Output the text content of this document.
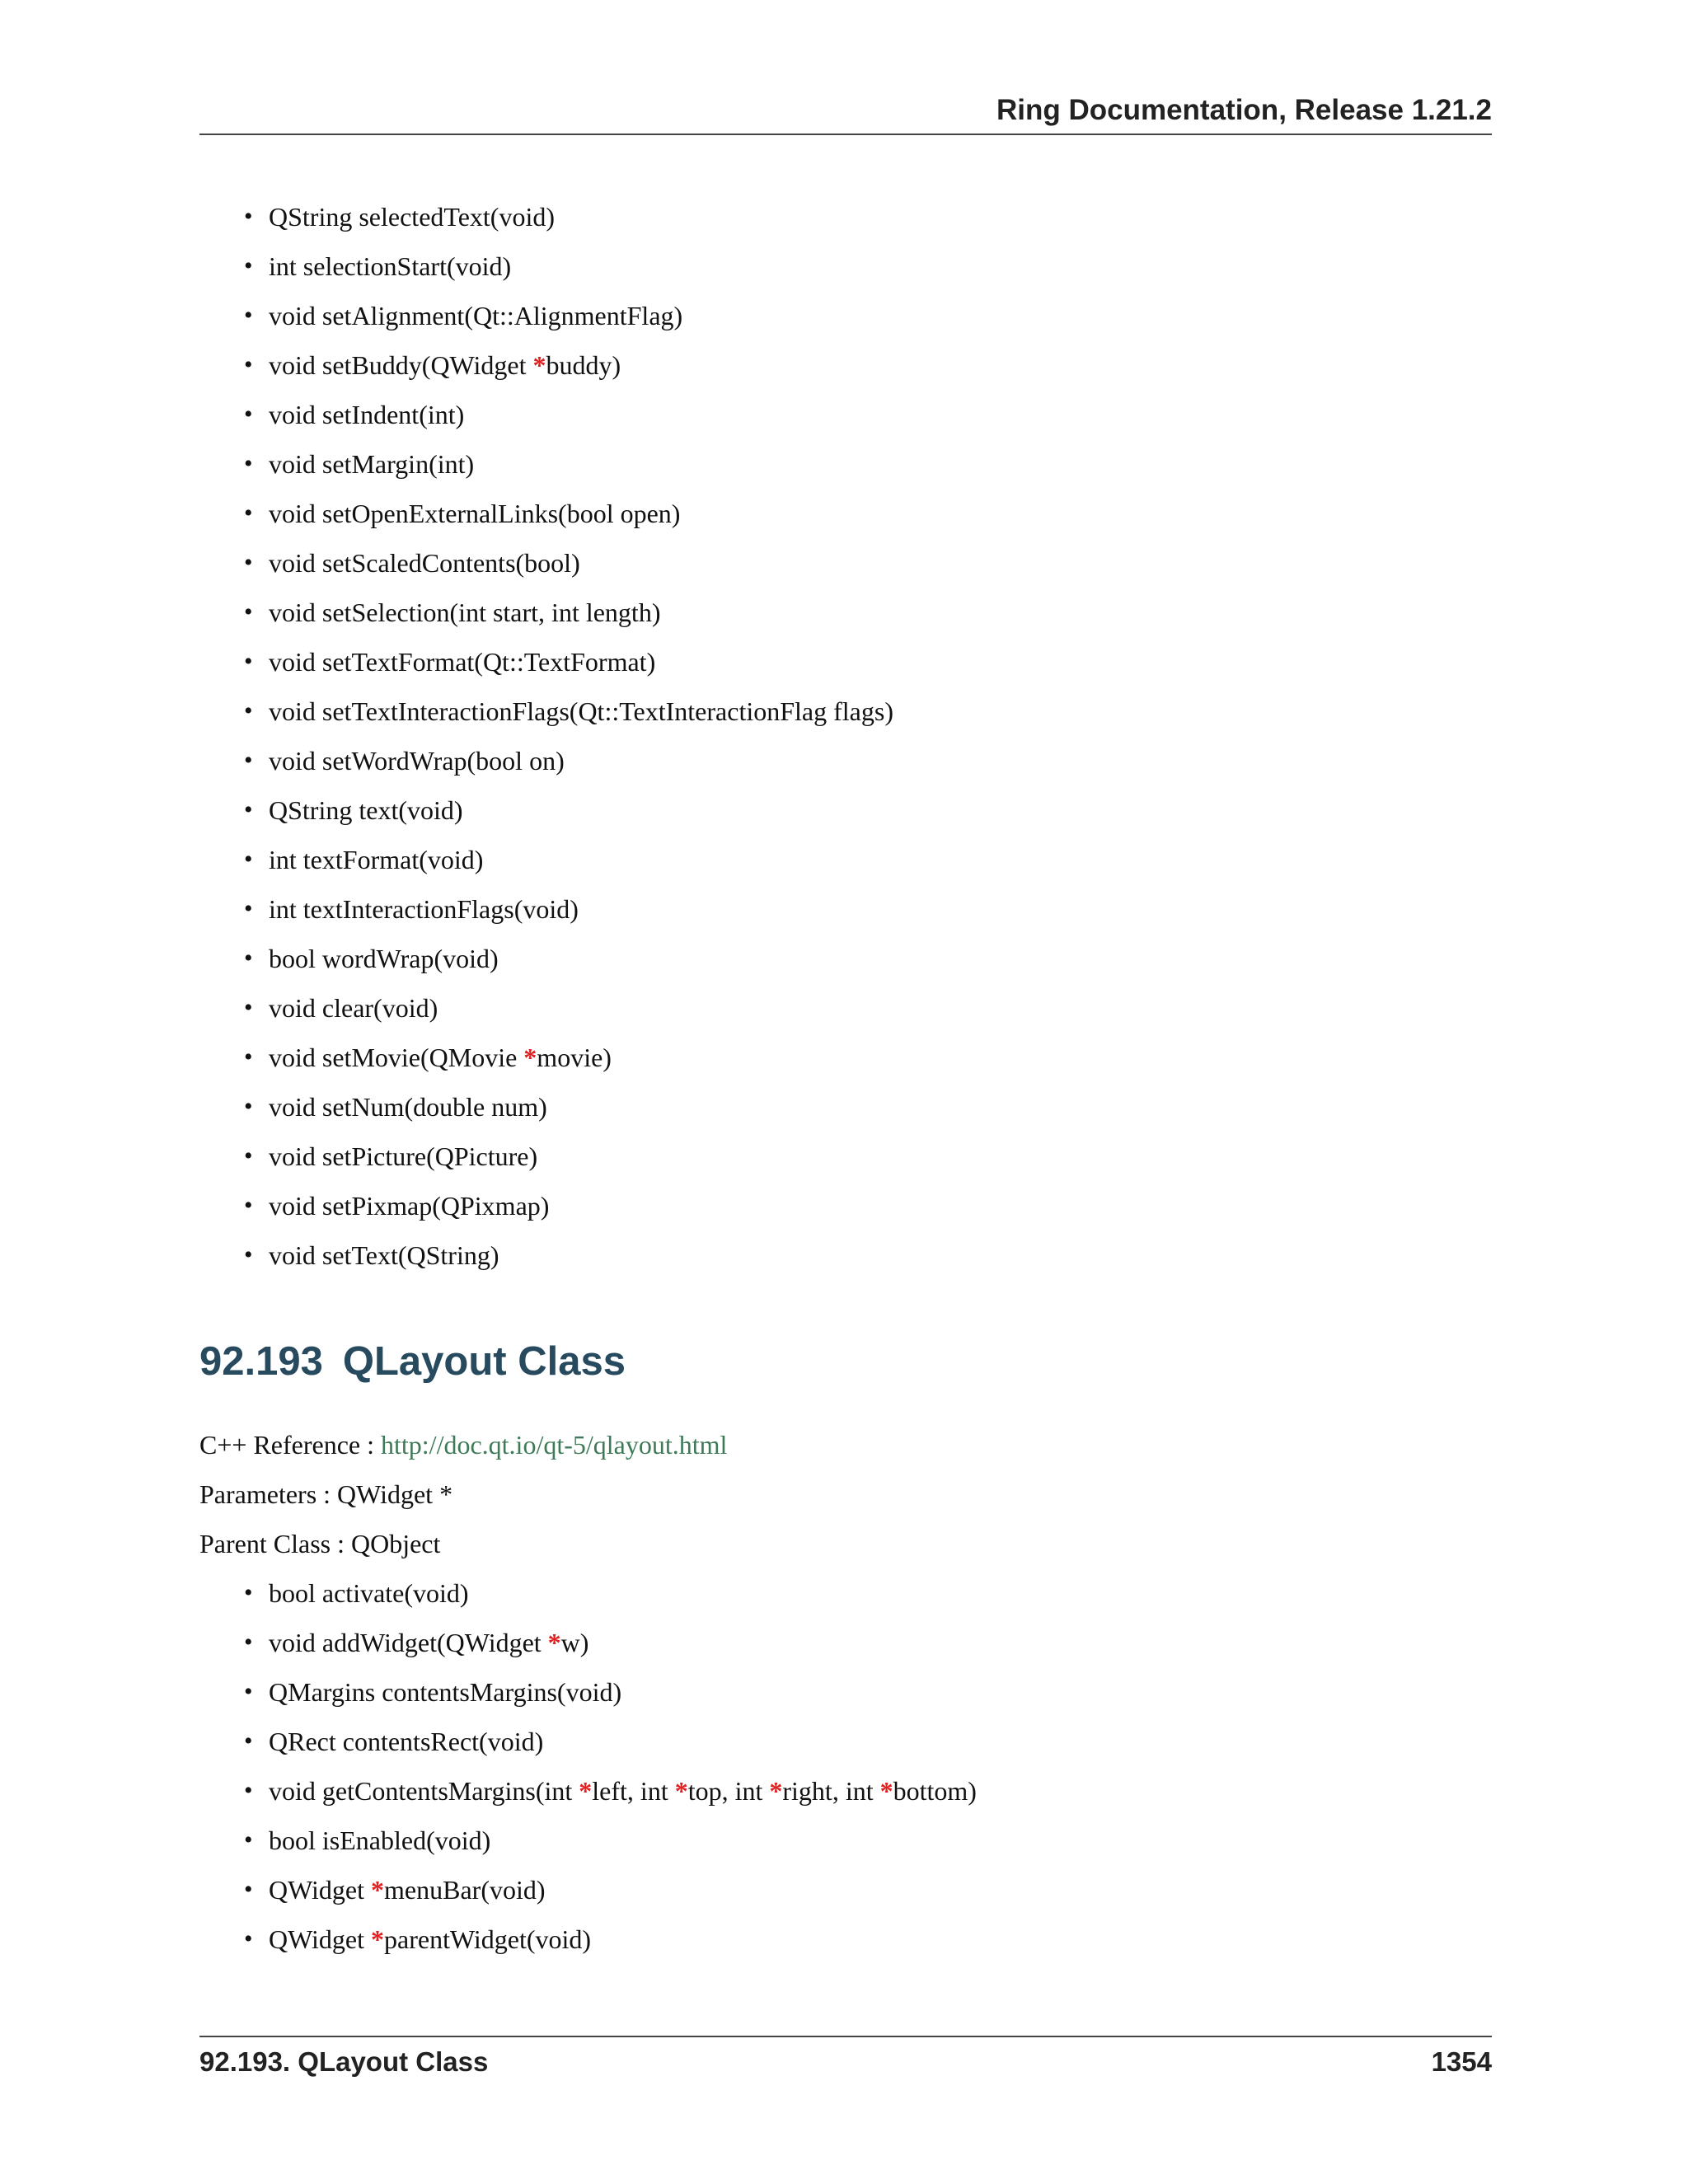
Ring Documentation, Release 1.21.2
• QString selectedText(void)
• int selectionStart(void)
• void setAlignment(Qt::AlignmentFlag)
• void setBuddy(QWidget *buddy)
• void setIndent(int)
• void setMargin(int)
• void setOpenExternalLinks(bool open)
• void setScaledContents(bool)
• void setSelection(int start, int length)
• void setTextFormat(Qt::TextFormat)
• void setTextInteractionFlags(Qt::TextInteractionFlag flags)
• void setWordWrap(bool on)
• QString text(void)
• int textFormat(void)
• int textInteractionFlags(void)
• bool wordWrap(void)
• void clear(void)
• void setMovie(QMovie *movie)
• void setNum(double num)
• void setPicture(QPicture)
• void setPixmap(QPixmap)
• void setText(QString)
92.193 QLayout Class
C++ Reference : http://doc.qt.io/qt-5/qlayout.html
Parameters : QWidget *
Parent Class : QObject
• bool activate(void)
• void addWidget(QWidget *w)
• QMargins contentsMargins(void)
• QRect contentsRect(void)
• void getContentsMargins(int *left, int *top, int *right, int *bottom)
• bool isEnabled(void)
• QWidget *menuBar(void)
• QWidget *parentWidget(void)
92.193. QLayout Class	1354
